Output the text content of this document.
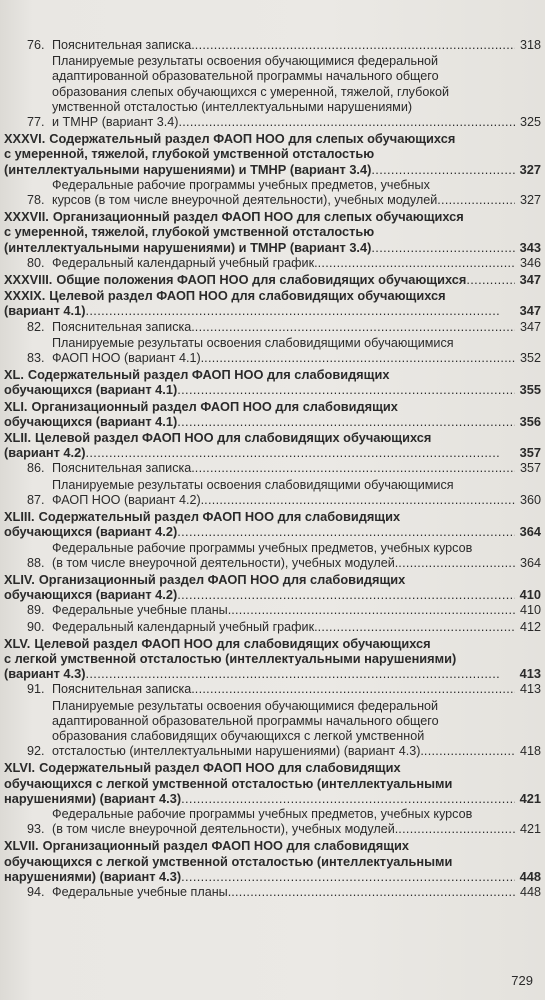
76. Пояснительная записка. . . .	318
77.
Планируемые результаты освоения обучающимися федеральной
адаптированной образовательной программы начального общего
образования слепых обучающихся с умеренной, тяжелой, глубокой
умственной отсталостью (интеллектуальными нарушениями)
и ТМНР (вариант 3.4) . . .	325
XXXVI. Содержательный раздел ФАОП НОО для слепых обучающихся
с умеренной, тяжелой, глубокой умственной отсталостью
(интеллектуальными нарушениями) и ТМНР (вариант 3.4) . . .	327
78.
Федеральные рабочие программы учебных предметов, учебных
курсов (в том числе внеурочной деятельности), учебных модулей . . .	327
XXXVII. Организационный раздел ФАОП НОО для слепых обучающихся
с умеренной, тяжелой, глубокой умственной отсталостью
(интеллектуальными нарушениями) и ТМНР (вариант 3.4) . . .	343
80. Федеральный календарный учебный график. . . .	346
XXXVIII. Общие положения ФАОП НОО для слабовидящих обучающихся . . .	347
XXXIX. Целевой раздел ФАОП НОО для слабовидящих обучающихся
(вариант 4.1) . . .	347
82. Пояснительная записка. . . .	347
83.
Планируемые результаты освоения слабовидящими обучающимися
ФАОП НОО (вариант 4.1). . . .	352
XL. Содержательный раздел ФАОП НОО для слабовидящих
обучающихся (вариант 4.1) . . .	355
XLI. Организационный раздел ФАОП НОО для слабовидящих
обучающихся (вариант 4.1) . . .	356
XLII. Целевой раздел ФАОП НОО для слабовидящих обучающихся
(вариант 4.2) . . .	357
86. Пояснительная записка. . . .	357
87.
Планируемые результаты освоения слабовидящими обучающимися
ФАОП НОО (вариант 4.2). . . .	360
XLIII. Содержательный раздел ФАОП НОО для слабовидящих
обучающихся (вариант 4.2) . . .	364
88.
Федеральные рабочие программы учебных предметов, учебных курсов
(в том числе внеурочной деятельности), учебных модулей. . . .	364
XLIV. Организационный раздел ФАОП НОО для слабовидящих
обучающихся (вариант 4.2) . . .	410
89. Федеральные учебные планы. . . .	410
90. Федеральный календарный учебный график. . . .	412
XLV. Целевой раздел ФАОП НОО для слабовидящих обучающихся
с легкой умственной отсталостью (интеллектуальными нарушениями)
(вариант 4.3) . . .	413
91. Пояснительная записка. . . .	413
92.
Планируемые результаты освоения обучающимися федеральной
адаптированной образовательной программы начального общего
образования слабовидящих обучающихся с легкой умственной
отсталостью (интеллектуальными нарушениями) (вариант 4.3). . . .	418
XLVI. Содержательный раздел ФАОП НОО для слабовидящих
обучающихся с легкой умственной отсталостью (интеллектуальными
нарушениями) (вариант 4.3) . . .	421
93.
Федеральные рабочие программы учебных предметов, учебных курсов
(в том числе внеурочной деятельности), учебных модулей. . . .	421
XLVII. Организационный раздел ФАОП НОО для слабовидящих
обучающихся с легкой умственной отсталостью (интеллектуальными
нарушениями) (вариант 4.3) . . .	448
94. Федеральные учебные планы. . . .	448
729
